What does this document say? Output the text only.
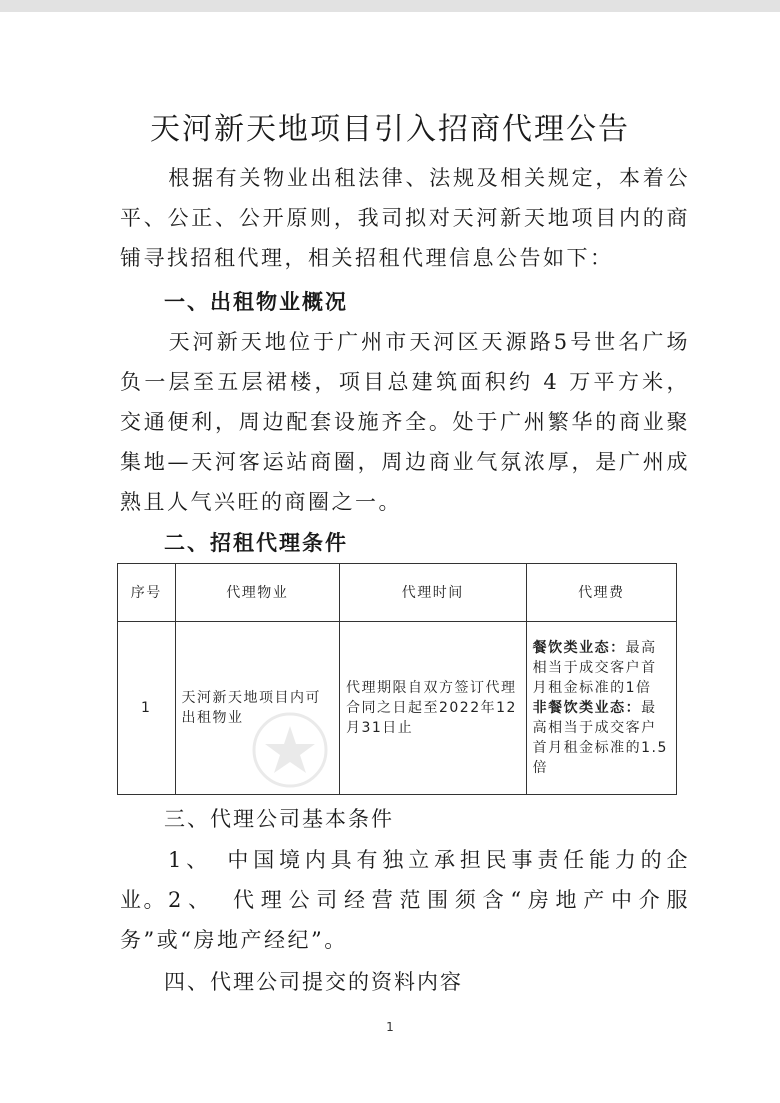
天河新天地项目引入招商代理公告
根据有关物业出租法律、法规及相关规定，本着公平、公正、公开原则，我司拟对天河新天地项目内的商铺寻找招租代理，相关招租代理信息公告如下：
一、出租物业概况
天河新天地位于广州市天河区天源路5号世名广场负一层至五层裙楼，项目总建筑面积约 4 万平方米，交通便利，周边配套设施齐全。处于广州繁华的商业聚集地—天河客运站商圈，周边商业气氛浓厚，是广州成熟且人气兴旺的商圈之一。
二、招租代理条件
序号	代理物业	代理时间	代理费
1	天河新天地项目内可出租物业	代理期限自双方签订代理合同之日起至2022年12月31日止	餐饮类业态：最高相当于成交客户首月租金标准的1倍
非餐饮类业态：最高相当于成交客户首月租金标准的1.5倍
三、代理公司基本条件
1、　中国境内具有独立承担民事责任能力的企业。 2、　代理公司经营范围须含“房地产中介服务”或“房地产经纪”。
四、代理公司提交的资料内容
1
